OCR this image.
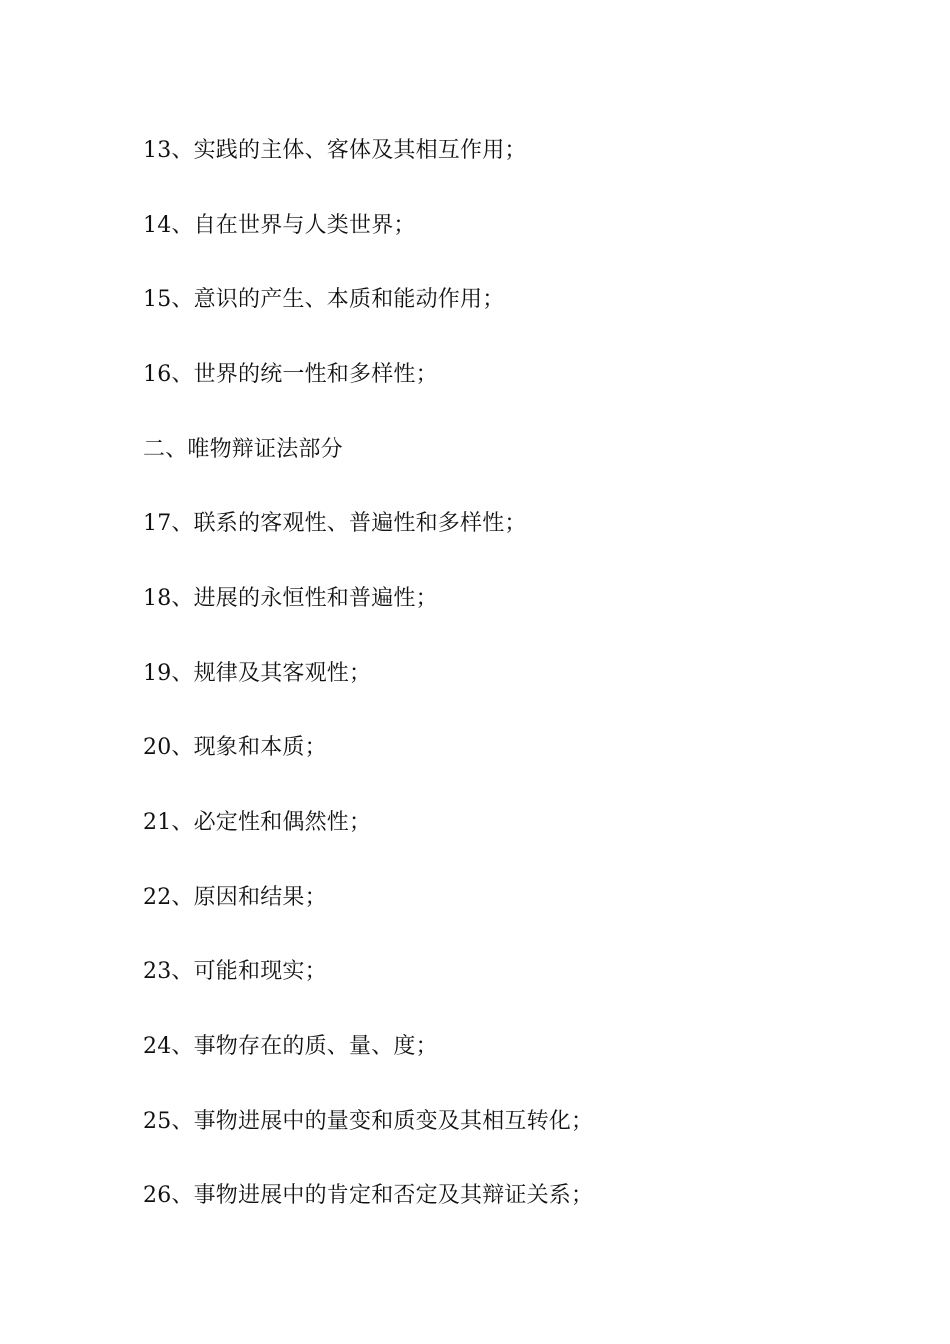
13、实践的主体、客体及其相互作用；
14、自在世界与人类世界；
15、意识的产生、本质和能动作用；
16、世界的统一性和多样性；
二、唯物辩证法部分
17、联系的客观性、普遍性和多样性；
18、进展的永恒性和普遍性；
19、规律及其客观性；
20、现象和本质；
21、必定性和偶然性；
22、原因和结果；
23、可能和现实；
24、事物存在的质、量、度；
25、事物进展中的量变和质变及其相互转化；
26、事物进展中的肯定和否定及其辩证关系；
